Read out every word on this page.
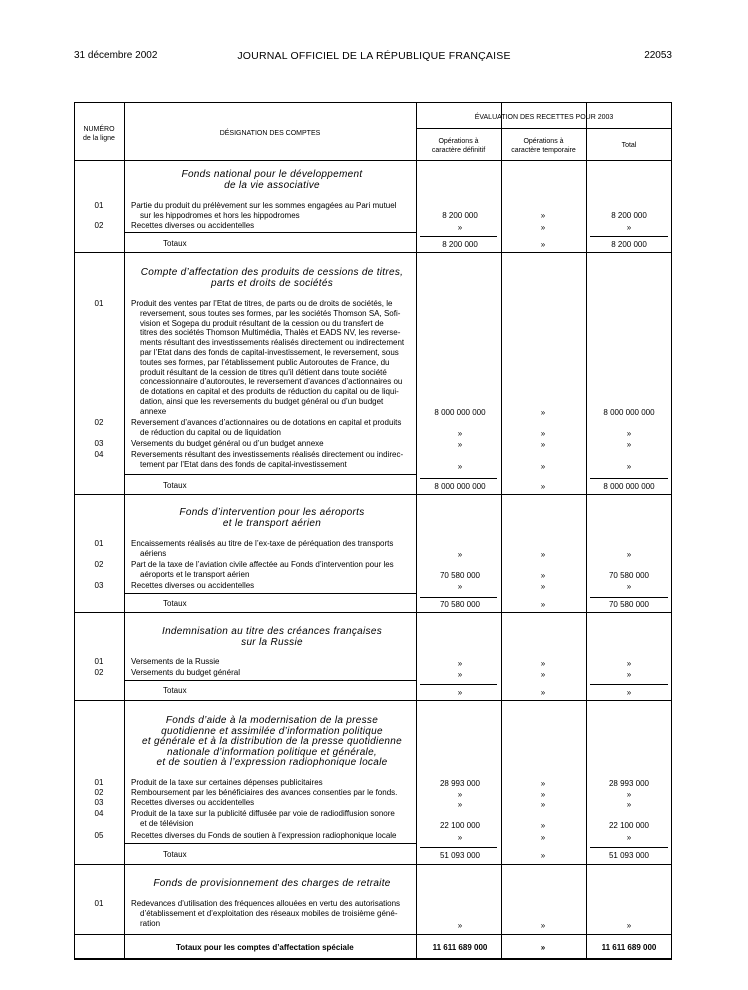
31 décembre 2002	JOURNAL OFFICIEL DE LA RÉPUBLIQUE FRANÇAISE	22053
NUMÉRO
de la ligne
DÉSIGNATION DES COMPTES
ÉVALUATION DES RECETTES POUR 2003
Opérations à
caractère définitif
Opérations à
caractère temporaire
Total
Fonds national pour le développement
de la vie associative
01	Partie du produit du prélèvement sur les sommes engagées au Pari mutuel
sur les hippodromes et hors les hippodromes	8 200 000	»	8 200 000
02	Recettes diverses ou accidentelles	»	»	»
Totaux	8 200 000	»	8 200 000
Compte d’affectation des produits de cessions de titres,
parts et droits de sociétés
01	Produit des ventes par l’Etat de titres, de parts ou de droits de sociétés, le
reversement, sous toutes ses formes, par les sociétés Thomson SA, Sofi-
vision et Sogepa du produit résultant de la cession ou du transfert de
titres des sociétés Thomson Multimédia, Thalès et EADS NV, les reverse-
ments résultant des investissements réalisés directement ou indirectement
par l’Etat dans des fonds de capital-investissement, le reversement, sous
toutes ses formes, par l’établissement public Autoroutes de France, du
produit résultant de la cession de titres qu’il détient dans toute société
concessionnaire d’autoroutes, le reversement d’avances d’actionnaires ou
de dotations en capital et des produits de réduction du capital ou de liqui-
dation, ainsi que les reversements du budget général ou d’un budget
annexe	8 000 000 000	»	8 000 000 000
02	Reversement d’avances d’actionnaires ou de dotations en capital et produits
de réduction du capital ou de liquidation	»	»	»
03	Versements du budget général ou d’un budget annexe	»	»	»
04	Reversements résultant des investissements réalisés directement ou indirec-
tement par l’Etat dans des fonds de capital-investissement	»	»	»
Totaux	8 000 000 000	»	8 000 000 000
Fonds d’intervention pour les aéroports
et le transport aérien
01	Encaissements réalisés au titre de l’ex-taxe de péréquation des transports
aériens	»	»	»
02	Part de la taxe de l’aviation civile affectée au Fonds d’intervention pour les
aéroports et le transport aérien	70 580 000	»	70 580 000
03	Recettes diverses ou accidentelles	»	»	»
Totaux	70 580 000	»	70 580 000
Indemnisation au titre des créances françaises
sur la Russie
01	Versements de la Russie	»	»	»
02	Versements du budget général	»	»	»
Totaux	»	»	»
Fonds d’aide à la modernisation de la presse
quotidienne et assimilée d’information politique
et générale et à la distribution de la presse quotidienne
nationale d’information politique et générale,
et de soutien à l’expression radiophonique locale
01	Produit de la taxe sur certaines dépenses publicitaires	28 993 000	»	28 993 000
02	Remboursement par les bénéficiaires des avances consenties par le fonds.	»	»	»
03	Recettes diverses ou accidentelles	»	»	»
04	Produit de la taxe sur la publicité diffusée par voie de radiodiffusion sonore
et de télévision	22 100 000	»	22 100 000
05	Recettes diverses du Fonds de soutien à l’expression radiophonique locale	»	»	»
Totaux	51 093 000	»	51 093 000
Fonds de provisionnement des charges de retraite
01	Redevances d’utilisation des fréquences allouées en vertu des autorisations
d’établissement et d’exploitation des réseaux mobiles de troisième géné-
ration	»	»	»
Totaux pour les comptes d’affectation spéciale	11 611 689 000	»	11 611 689 000
